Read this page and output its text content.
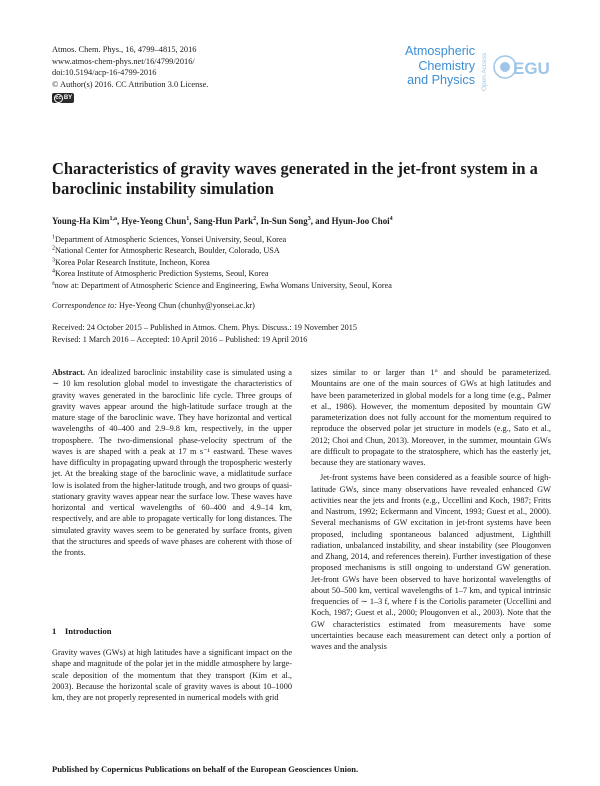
Atmos. Chem. Phys., 16, 4799–4815, 2016
www.atmos-chem-phys.net/16/4799/2016/
doi:10.5194/acp-16-4799-2016
© Author(s) 2016. CC Attribution 3.0 License.
cc BY
Atmospheric
Chemistry
and Physics Open Access EGU
Characteristics of gravity waves generated in the jet-front system in a baroclinic instability simulation
Young-Ha Kim$^{1,a}$, Hye-Yeong Chun$^1$, Sang-Hun Park$^2$, In-Sun Song$^3$, and Hyun-Joo Choi$^4$
$^1$Department of Atmospheric Sciences, Yonsei University, Seoul, Korea
$^2$National Center for Atmospheric Research, Boulder, Colorado, USA
$^3$Korea Polar Research Institute, Incheon, Korea
$^4$Korea Institute of Atmospheric Prediction Systems, Seoul, Korea
$^a$now at: Department of Atmospheric Science and Engineering, Ewha Womans University, Seoul, Korea
Correspondence to: Hye-Yeong Chun (chunhy@yonsei.ac.kr)
Received: 24 October 2015 – Published in Atmos. Chem. Phys. Discuss.: 19 November 2015
Revised: 1 March 2016 – Accepted: 10 April 2016 – Published: 19 April 2016

Abstract. An idealized baroclinic instability case is simulated using a ∼ 10 km resolution global model to investigate the characteristics of gravity waves generated in the baroclinic life cycle. Three groups of gravity waves appear around the high-latitude surface trough at the mature stage of the baroclinic wave. They have horizontal and vertical wavelengths of 40–400 and 2.9–9.8 km, respectively, in the upper troposphere. The two-dimensional phase-velocity spectrum of the waves is are shaped with a peak at 17 m s⁻¹ eastward. These waves have difficulty in propagating upward through the tropospheric westerly jet. At the breaking stage of the baroclinic wave, a midlatitude surface low is isolated from the higher-latitude trough, and two groups of quasi-stationary gravity waves appear near the surface low. These waves have horizontal and vertical wavelengths of 60–400 and 4.9–14 km, respectively, and are able to propagate vertically for long distances. The simulated gravity waves seem to be generated by surface fronts, given that the structures and speeds of wave phases are coherent with those of the fronts.

1 Introduction

Gravity waves (GWs) at high latitudes have a significant impact on the shape and magnitude of the polar jet in the middle atmosphere by large-scale deposition of the momentum that they transport (Kim et al., 2003). Because the horizontal scale of gravity waves is about 10–1000 km, they are not properly represented in numerical models with grid

sizes similar to or larger than 1° and should be parameterized. Mountains are one of the main sources of GWs at high latitudes and have been parameterized in global models for a long time (e.g., Palmer et al., 1986). However, the momentum deposited by mountain GW parameterization does not fully account for the momentum required to reproduce the observed polar jet structure in models (e.g., Sato et al., 2012; Choi and Chun, 2013). Moreover, in the summer, mountain GWs are difficult to propagate to the stratosphere, which has the easterly jet, because they are stationary waves.

Jet-front systems have been considered as a feasible source of high-latitude GWs, since many observations have revealed enhanced GW activities near the jets and fronts (e.g., Uccellini and Koch, 1987; Fritts and Nastrom, 1992; Eckermann and Vincent, 1993; Guest et al., 2000). Several mechanisms of GW excitation in jet-front systems have been proposed, including spontaneous balanced adjustment, Lighthill radiation, unbalanced instability, and shear instability (see Plougonven and Zhang, 2014, and references therein). Further investigation of these proposed mechanisms is still ongoing to understand GW generation. Jet-front GWs have been observed to have horizontal wavelengths of about 50–500 km, vertical wavelengths of 1–7 km, and typical intrinsic frequencies of ∼ 1–3 f, where f is the Coriolis parameter (Uccellini and Koch, 1987; Guest et al., 2000; Plougonven et al., 2003). Note that the GW characteristics estimated from measurements have some uncertainties because each measurement can detect only a portion of waves and the analysis

Published by Copernicus Publications on behalf of the European Geosciences Union.
